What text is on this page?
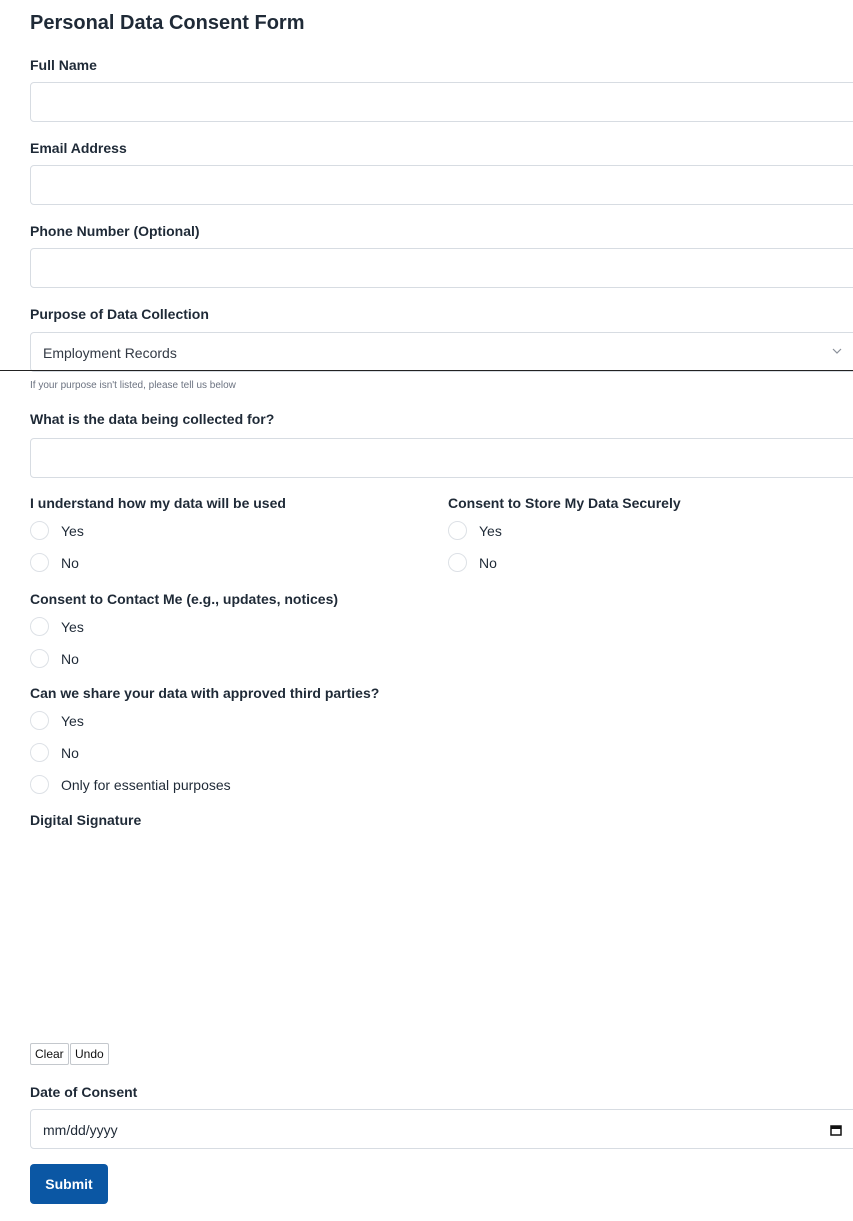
Personal Data Consent Form
Full Name
Email Address
Phone Number (Optional)
Purpose of Data Collection
Employment Records
If your purpose isn't listed, please tell us below
What is the data being collected for?
I understand how my data will be used
Yes
No
Consent to Store My Data Securely
Yes
No
Consent to Contact Me (e.g., updates, notices)
Yes
No
Can we share your data with approved third parties?
Yes
No
Only for essential purposes
Digital Signature
Clear Undo
Date of Consent
mm/dd/yyyy
Submit
